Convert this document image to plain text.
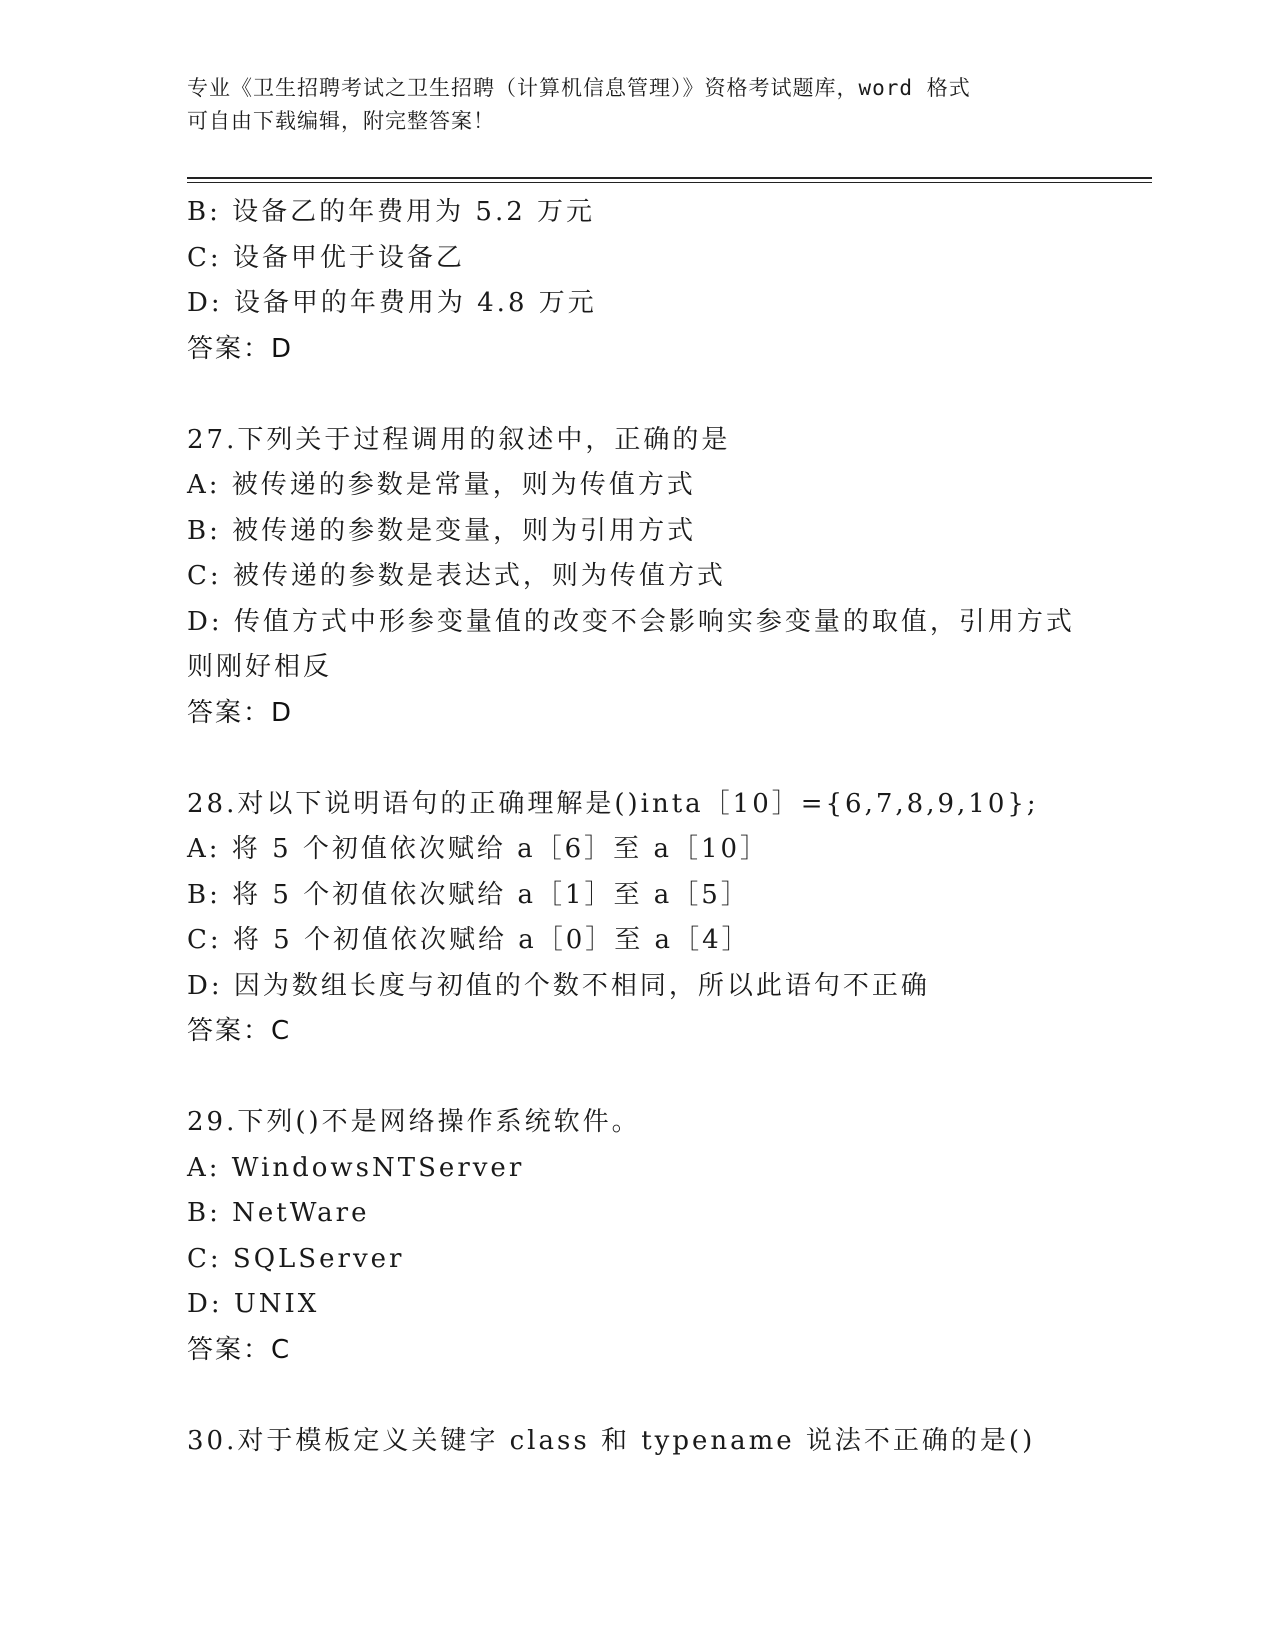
专业《卫生招聘考试之卫生招聘（计算机信息管理）》资格考试题库，word 格式
可自由下载编辑，附完整答案！
B: 设备乙的年费用为 5.2 万元
C: 设备甲优于设备乙
D: 设备甲的年费用为 4.8 万元
答案：D
27.下列关于过程调用的叙述中，正确的是
A: 被传递的参数是常量，则为传值方式
B: 被传递的参数是变量，则为引用方式
C: 被传递的参数是表达式，则为传值方式
D: 传值方式中形参变量值的改变不会影响实参变量的取值，引用方式
则刚好相反
答案：D
28.对以下说明语句的正确理解是()inta［10］={6,7,8,9,10};
A: 将 5 个初值依次赋给 a［6］至 a［10］
B: 将 5 个初值依次赋给 a［1］至 a［5］
C: 将 5 个初值依次赋给 a［0］至 a［4］
D: 因为数组长度与初值的个数不相同，所以此语句不正确
答案：C
29.下列()不是网络操作系统软件。
A: WindowsNTServer
B: NetWare
C: SQLServer
D: UNIX
答案：C
30.对于模板定义关键字 class 和 typename 说法不正确的是()
